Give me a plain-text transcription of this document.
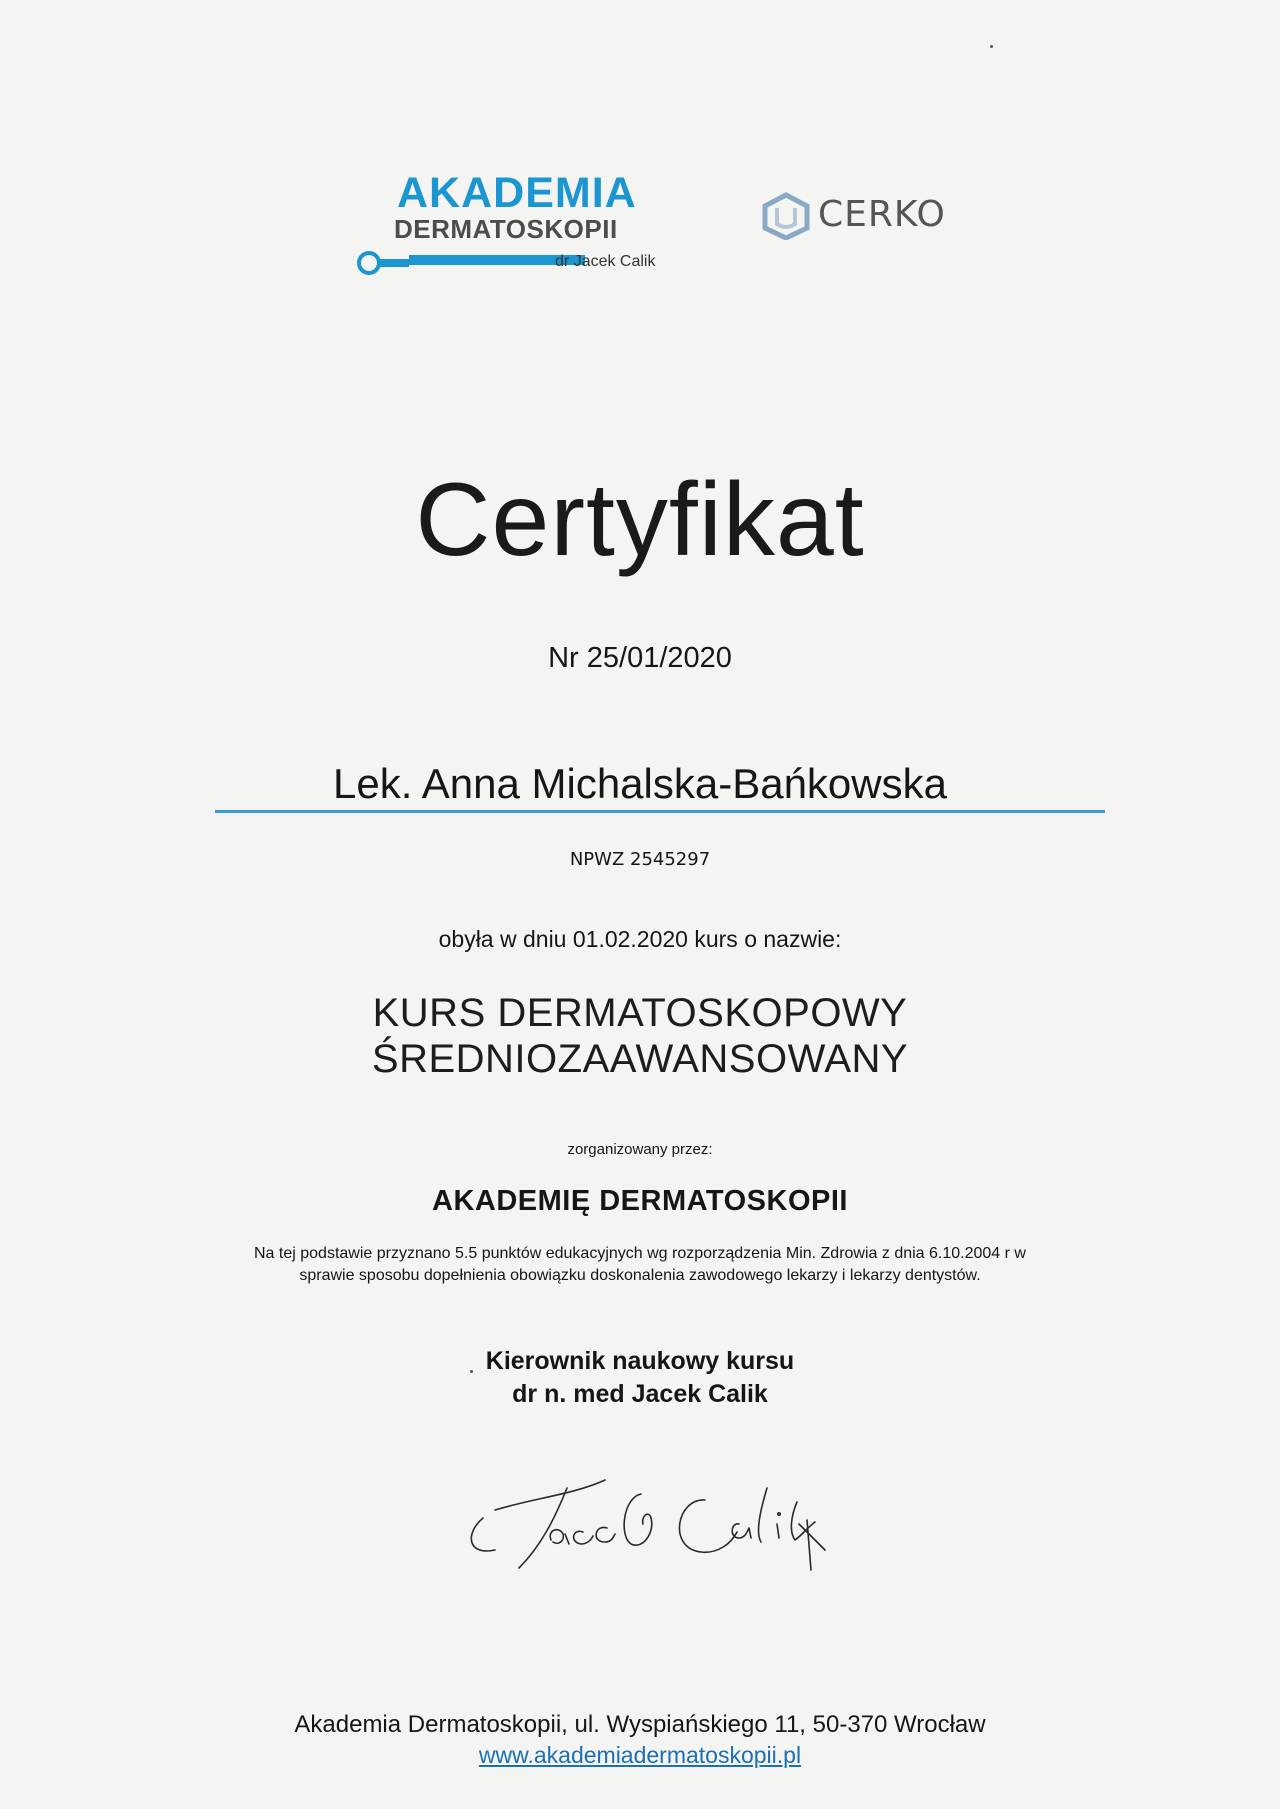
AKADEMIA
DERMATOSKOPII
dr Jacek Calik
CERKO
Certyfikat
Nr 25/01/2020
Lek. Anna Michalska-Bańkowska
NPWZ 2545297
obyła w dniu 01.02.2020 kurs o nazwie:
KURS DERMATOSKOPOWY
ŚREDNIOZAAWANSOWANY
zorganizowany przez:
AKADEMIĘ DERMATOSKOPII
Na tej podstawie przyznano 5.5 punktów edukacyjnych wg rozporządzenia Min. Zdrowia z dnia 6.10.2004 r w
sprawie sposobu dopełnienia obowiązku doskonalenia zawodowego lekarzy i lekarzy dentystów.
Kierownik naukowy kursu
dr n. med Jacek Calik
Akademia Dermatoskopii, ul. Wyspiańskiego 11, 50-370 Wrocław
www.akademiadermatoskopii.pl
